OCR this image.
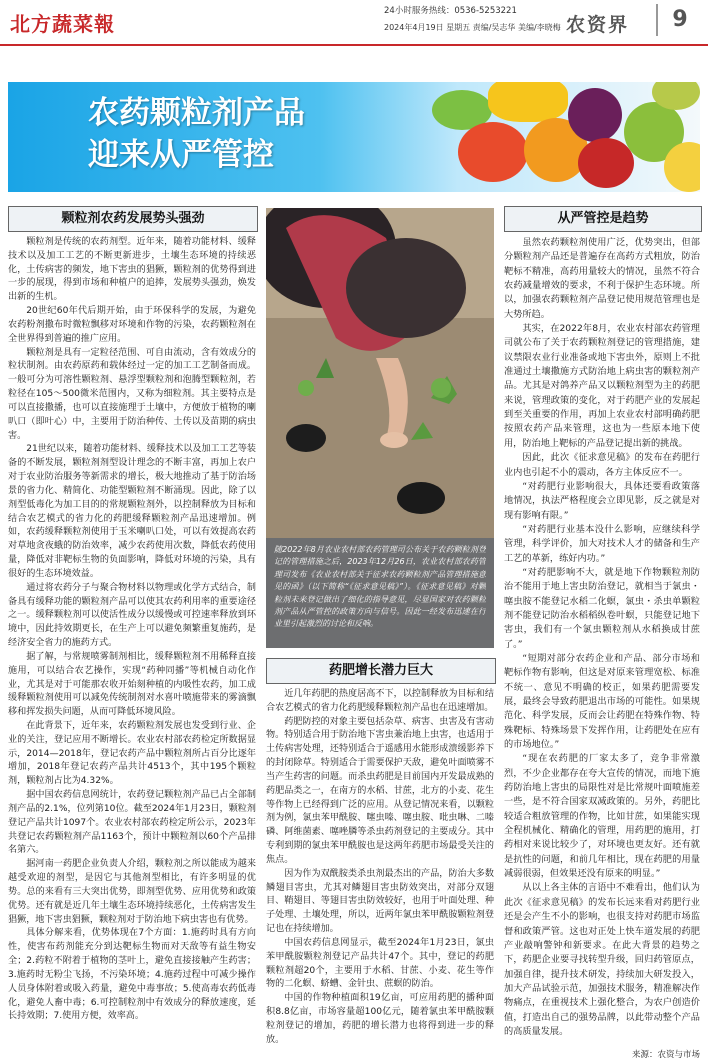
北方蔬菜報
24小时服务热线：0536-5253221
2024年4月19日 星期五 责编/吴志华 美编/李晓梅 农资界	9
农药颗粒剂产品
迎来从严管控
颗粒剂农药发展势头强劲

颗粒剂是传统的农药剂型。近年来，随着功能材料、缓释技术以及加工工艺的不断更新进步，土壤生态环境的持续恶化，土传病害的频发，地下害虫的猖獗，颗粒剂的优势得到进一步的展现，得到市场和种植户的追捧，发展势头强劲，焕发出新的生机。

20世纪60年代后期开始，由于环保科学的发展，为避免农药粉剂撒布时微粒飘移对环境和作物的污染，农药颗粒剂在全世界得到普遍的推广应用。

颗粒剂是具有一定粒径范围、可自由流动，含有效成分的粒状制剂。由农药原药和载体经过一定的加工工艺制备而成。一般可分为可溶性颗粒剂、悬浮型颗粒剂和泡腾型颗粒剂，若粒径在105～500微米范围内，又称为细粒剂。其主要特点是可以直接撒播，也可以直接施理于土壤中，方便放于植物的喇叭口（即叶心）中，主要用于防治种传、土传以及苗期的病虫害。

21世纪以来，随着功能材料、缓释技术以及加工工艺等装备的不断发展，颗粒剂剂型设计理念的不断丰富，再加上农户对于农业防治服务等新需求的增长，极大地推动了基于防治场景的省力化、精简化、功能型颗粒剂不断涌现。因此，除了以剂型低毒化为加工目的的常规颗粒剂外，以控制释放为目标和结合农艺模式的省力化的药肥缓释颗粒剂产品迅速增加。例如，农药缓释颗粒剂使用于玉米喇叭口处，可以有效提高农药对草地贪夜蛾的防治效率，减少农药使用次数，降低农药使用量，降低对非靶标生物的负面影响，降低对环境的污染，具有很好的生态环境效益。

通过将农药分子与聚合物材料以物理或化学方式结合，制备具有缓释功能的颗粒剂产品可以使其农药利用率的重要途径之一。缓释颗粒剂可以使活性成分以缓慢或可控速率释放到环境中，因此持效期更长，在生产上可以避免频繁重复施药，是经济安全省力的施药方式。

据了解，与常规喷雾制剂相比，缓释颗粒剂不用稀释直接施用，可以结合农艺操作，实现“药种同播”等机械自动化作业，尤其是对于可能那农收开始刻种植的内吸性农药，加工成缓释颗粒剂使用可以减免传统制剂对水喜叶喷施带来的雾滴飘移和挥发损失问题，从而可降低环境风险。

在此背景下，近年来，农药颗粒剂发展也发受到行业、企业的关注，登记应用不断增长。农业农村部农药检定所数据显示，2014—2018年，登记农药产品中颗粒剂所占百分比逐年增加，2018年登记农药产品共计4513个，其中195个颗粒剂，颗粒剂占比为4.32%。

据中国农药信息网统计，农药登记颗粒剂产品已占全部制剂产品的2.1%，位列第10位。截至2024年1月23日，颗粒剂登记产品共计1097个。农业农村部农药检定所公示，2023年共登记农药颗粒剂产品1163个，预计中颗粒剂以60个产品排名第六。

据河南一药肥企业负责人介绍，颗粒剂之所以能成为越来越受欢迎的剂型，是因它与其他剂型相比，有许多明显的优势。总的来看有三大突出优势，即剂型优势、应用优势和政策优势。还有就是近几年土壤生态环境持续恶化，土传病害发生猖獗，地下害虫猖獗，颗粒剂对于防治地下病虫害也有优势。

具体分解来看，优势体现在7个方面：1.施药时具有方向性，使害布药剂能充分到达靶标生物而对天敌等有益生物安全；2.药粒不附着于植物的茎叶上，避免直接接触产生药害；3.施药时无粉尘飞扬，不污染环境；4.施药过程中可减少操作人员身体附着或吸入药量，避免中毒事故；5.使高毒农药低毒化，避免人畜中毒；6.可控制粒剂中有效成分的释放速度，延长持效期；7.使用方便，效率高。

随2022年8月农业农村部农药管理司公布关于农药颗粒剂登记的管理措施之后，2023年12月26日，农业农村部农药管理司发布《农业农村部关于征求农药颗粒剂产品管理措施意见的函》（以下简称“《征求意见稿》”）。《征求意见稿》对颗粒剂未来登记做出了细化的指导意见，尽显国家对农药颗粒剂产品从严管控的政策方向与信号。因此一经发布迅速在行业里引起激烈的讨论和反响。
药肥增长潜力巨大

近几年药肥的热度居高不下，以控制释放为目标和结合农艺模式的省力化药肥缓释颗粒剂产品也在迅速增加。

药肥防控的对象主要包括杂草、病害、虫害及有害动物。特别适合用于防治地下害虫兼治地上虫害，也适用于土传病害处理，还特别适合于遥感用水能形成溃缓影养下的封闭除草。特别适合于需要保护天敌，避免叶面喷雾不当产生药害的问题。而杀虫药肥是目前国内开发最成熟的药肥品类之一，在南方的水稻、甘蔗，北方的小麦、花生等作物上已经得到广泛的应用。从登记情况来看，以颗粒剂为例，氯虫苯甲酰胺、噻虫嗪、噻虫胺、吡虫啉、二嗪磷、阿维菌素、噻唑膦等杀虫药剂登记的主要成分。其中专利到期的氯虫苯甲酰胺也是这两年药肥市场最受关注的焦点。

因为作为双酰胺类杀虫剂最杰出的产品，防治大多数鳞翅目害虫，尤其对鳞翅目害虫防效突出，对部分双翅目、鞘翅目、等翅目害虫防效较好，也用于叶面处理、种子处理、土壤处理，所以，近两年氯虫苯甲酰胺颗粒剂登记也在持续增加。

中国农药信息网显示，截至2024年1月23日，氯虫苯甲酰胺颗粒剂登记产品共计47个。其中，登记的药肥颗粒剂超20个，主要用于水稻、甘蔗、小麦、花生等作物的二化螟、蛴螬、金针虫、蔗螟的防治。

中国的作物种植面积19亿亩，可应用药肥的播种面积8.8亿亩，市场容量超100亿元，随着氯虫苯甲酰胺颗粒剂登记的增加，药肥的增长潜力也将得到进一步的释放。

从严管控是趋势

虽然农药颗粒剂使用广泛，优势突出，但部分颗粒剂产品还是普遍存在高药方式粗放，防治靶标不精准，高药用量较大的情况，虽然不符合农药减量增效的要求，不利于保护生态环境。所以，加强农药颗粒剂产品登记使用规范管理也是大势所趋。

其实，在2022年8月，农业农村部农药管理司就公布了关于农药颗粒剂登记的管理措施，建议禁限农业行业准备或地下害虫外，原则上不批准通过土壤撒施方式防治地上病虫害的颗粒剂产品。尤其是对鸽养产品又以颗粒剂型为主的药肥来说，管理政策的变化，对于药肥产业的发展起到至关重要的作用，再加上农业农村部明确药肥按照农药产品来管理，这也为一些原本地下使用，防治地上靶标的产品登记提出新的挑战。

因此，此次《征求意见稿》的发布在药肥行业内也引起不小的震动，各方主体反应不一。

“对药肥行业影响很大，具体还要看政策落地情况，执法严格程度会立即见影，反之就是对现有影响有限。”

“对药肥行业基本没什么影响，应继续科学管理，科学评价，加大对技术人才的储备和生产工艺的革新，练好内功。”

“对药肥影响不大，就是地下作物颗粒剂防治不能用于地上害虫防治登记，就相当于氯虫・噻虫胺不能登记水稻二化螟，氯虫・杀虫单颗粒剂不能登记防治水稻稻纵卷叶螟，只能登记地下害虫，我们有一个氯虫颗粒剂从水稻换成甘蔗了。”

“短期对部分农药企业和产品、部分市场和靶标作物有影响，但这是对原来管理宽松、标准不统一、意见不明确的校正，如果药肥需要发展，最终会导致药肥退出市场的可能性。如果规范化、科学发展，反而会让药肥在特殊作物、特殊靶标、特殊场景下发挥作用，让药肥处在应有的市场地位。”

“现在农药肥的厂家太多了，竞争非常激烈，不少企业都存在夸大宣传的情况，而地下施药防治地上害虫的局限性对是比常规叶面喷施差一些，是不符合国家双减政策的。另外，药肥比较适合粗放管理的作物，比如甘蔗，如果能实现全程机械化、精确化的管理，用药肥的施用，打药相对来说比较少了，对环境也更友好。还有就是抗性的问题，和前几年相比，现在药肥的用量减弱很弱，但效果还没有原来的明显。”

从以上各主体的言语中不难看出，他们认为此次《征求意见稿》的发布长远来看对药肥行业还是会产生不小的影响，也很支持对药肥市场监督和政策严管。这也对正处上快车道发展的药肥产业敲响警钟和新要求。在此大背景的趋势之下，药肥企业要寻找转型升级，回归药管原点，加强自律，提升技术研发，持续加大研发投入，加大产品试验示范，加强技术服务，精准解决作物痛点，在重视技术上强化整合，为农户创造价值，打造出自己的强势品牌，以此带动整个产品的高质量发展。

来源：农资与市场
